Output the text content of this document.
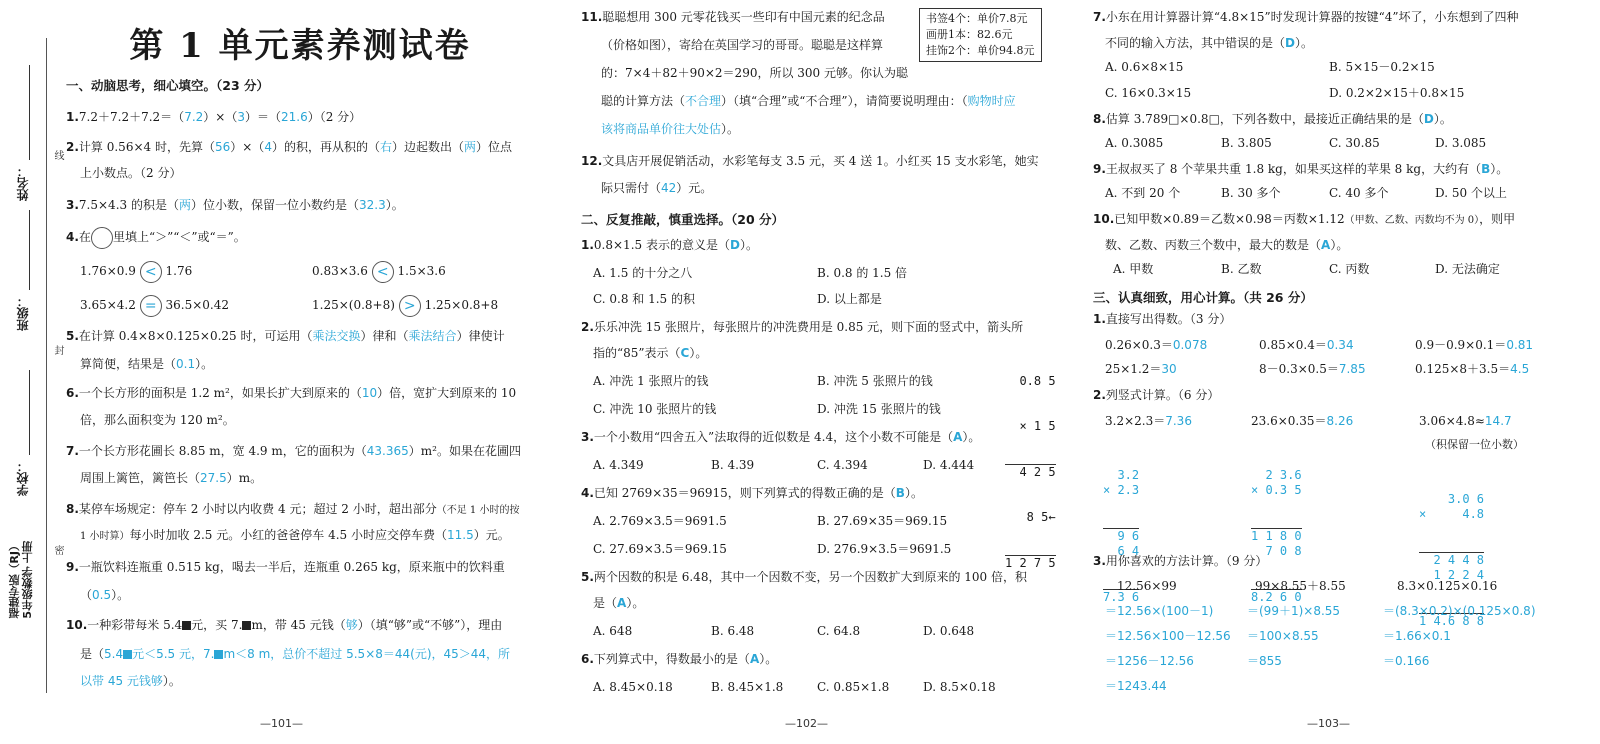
姓名：
班级：
学校：
线
封
密
福建专版（RJ） 5年级数学 上册
第 1 单元素养测试卷
一、动脑思考，细心填空。（23 分）
1.7.2＋7.2＋7.2＝（7.2）×（3）＝（21.6）（2 分）
2.计算 0.56×4 时，先算（56）×（4）的积，再从积的（右）边起数出（两）位点
上小数点。（2 分）
3.7.5×4.3 的积是（两）位小数，保留一位小数约是（32.3）。
4.在 里填上“＞”“＜”或“＝”。
1.76×0.9 < 1.76	0.83×3.6 < 1.5×3.6
3.65×4.2 = 36.5×0.42	1.25×(0.8+8) > 1.25×0.8+8
5.在计算 0.4×8×0.125×0.25 时，可运用（乘法交换）律和（乘法结合）律使计
算简便，结果是（0.1）。
6.一个长方形的面积是 1.2 m²，如果长扩大到原来的（10）倍，宽扩大到原来的 10
倍，那么面积变为 120 m²。
7.一个长方形花圃长 8.85 m，宽 4.9 m，它的面积为（43.365）m²。如果在花圃四
周围上篱笆，篱笆长（27.5）m。
8.某停车场规定：停车 2 小时以内收费 4 元；超过 2 小时，超出部分（不足 1 小时的按
1 小时算）每小时加收 2.5 元。小红的爸爸停车 4.5 小时应交停车费（11.5）元。
9.一瓶饮料连瓶重 0.515 kg，喝去一半后，连瓶重 0.265 kg，原来瓶中的饮料重
（0.5）。
10.一种彩带每米 5.4 元，买 7. m，带 45 元钱（够）（填“够”或“不够”），理由
是（5.4 元＜5.5 元，7. m＜8 m，总价不超过 5.5×8＝44(元)，45＞44，所
以带 45 元钱够）。
—101—
11.聪聪想用 300 元零花钱买一些印有中国元素的纪念品
（价格如图），寄给在英国学习的哥哥。聪聪是这样算
的：7×4＋82＋90×2＝290，所以 300 元够。你认为聪
聪的计算方法（不合理）（填“合理”或“不合理”），请简要说明理由：（购物时应
该将商品单价往大处估）。
书签4个：单价7.8元
画册1本：82.6元
挂饰2个：单价94.8元
12.文具店开展促销活动，水彩笔每支 3.5 元，买 4 送 1。小红买 15 支水彩笔，她实
际只需付（42）元。
二、反复推敲，慎重选择。（20 分）
1.0.8×1.5 表示的意义是（D）。
A. 1.5 的十分之八	B. 0.8 的 1.5 倍
C. 0.8 和 1.5 的积	D. 以上都是
2.乐乐冲洗 15 张照片，每张照片的冲洗费用是 0.85 元，则下面的竖式中，箭头所
指的“85”表示（C）。
A. 冲洗 1 张照片的钱	B. 冲洗 5 张照片的钱
C. 冲洗 10 张照片的钱	D. 冲洗 15 张照片的钱

0.8 5

× 1 5

4 2 5

8 5←

1 2 7 5

3.一个小数用“四舍五入”法取得的近似数是 4.4，这个小数不可能是（A）。
A. 4.349	B. 4.39	C. 4.394	D. 4.444
4.已知 2769×35＝96915，则下列算式的得数正确的是（B）。
A. 2.769×3.5＝9691.5	B. 27.69×35＝969.15
C. 27.69×3.5＝969.15	D. 276.9×3.5＝9691.5
5.两个因数的积是 6.48，其中一个因数不变，另一个因数扩大到原来的 100 倍，积
是（A）。
A. 648	B. 6.48	C. 64.8	D. 0.648
6.下列算式中，得数最小的是（A）。
A. 8.45×0.18	B. 8.45×1.8	C. 0.85×1.8	D. 8.5×0.18
—102—
7.小东在用计算器计算“4.8×15”时发现计算器的按键“4”坏了，小东想到了四种
不同的输入方法，其中错误的是（D）。
A. 0.6×8×15	B. 5×15－0.2×15
C. 16×0.3×15	D. 0.2×2×15＋0.8×15
8.估算 3.789□×0.8□，下列各数中，最接近正确结果的是（D）。
A. 0.3085	B. 3.805	C. 30.85	D. 3.085
9.王叔叔买了 8 个苹果共重 1.8 kg，如果买这样的苹果 8 kg，大约有（B）。
A. 不到 20 个	B. 30 多个	C. 40 多个	D. 50 个以上
10.已知甲数×0.89＝乙数×0.98＝丙数×1.12（甲数、乙数、丙数均不为 0），则甲
数、乙数、丙数三个数中，最大的数是（A）。
A. 甲数	B. 乙数	C. 丙数	D. 无法确定
三、认真细致，用心计算。（共 26 分）
1.直接写出得数。（3 分）
0.26×0.3＝0.078	0.85×0.4＝0.34	0.9－0.9×0.1＝0.81
25×1.2＝30	8－0.3×0.5＝7.85	0.125×8＋3.5＝4.5
2.列竖式计算。（6 分）
3.2×2.3＝7.36	23.6×0.35＝8.26	3.06×4.8≈14.7
（积保留一位小数）

3.2
× 2.3

9 6
6 4

7.3 6

2 3.6
× 0.3 5

1 1 8 0
7 0 8

8.2 6 0

3.0 6
×     4.8

2 4 4 8
1 2 2 4

1 4.6 8 8

3.用你喜欢的方法计算。（9 分）
12.56×99
＝12.56×(100－1)
＝12.56×100－12.56
＝1256－12.56
＝1243.44
99×8.55＋8.55
＝(99＋1)×8.55
＝100×8.55
＝855
8.3×0.125×0.16
＝(8.3×0.2)×(0.125×0.8)
＝1.66×0.1
＝0.166
—103—
